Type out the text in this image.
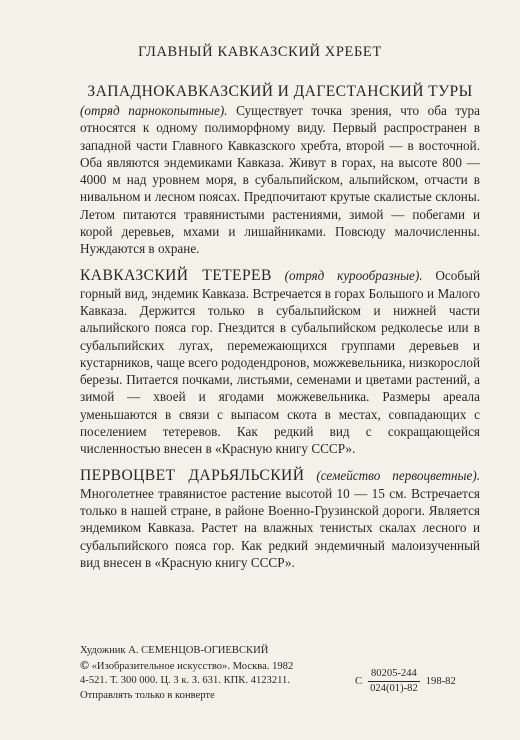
ГЛАВНЫЙ КАВКАЗСКИЙ ХРЕБЕТ
ЗАПАДНОКАВКАЗСКИЙ И ДАГЕСТАНСКИЙ ТУРЫ

(отряд парнокопытные). Существует точка зрения, что оба тура относятся к одному полиморфному виду. Первый распространен в западной части Главного Кавказского хребта, второй — в восточной. Оба являются эндемиками Кавказа. Живут в горах, на высоте 800 — 4000 м над уровнем моря, в субальпийском, альпийском, отчасти в нивальном и лесном поясах. Предпочитают крутые скалистые склоны. Летом питаются травянистыми растениями, зимой — побегами и корой деревьев, мхами и лишайниками. Повсюду малочисленны. Нуждаются в охране.

КАВКАЗСКИЙ ТЕТЕРЕВ (отряд курообразные). Особый горный вид, эндемик Кавказа. Встречается в горах Большого и Малого Кавказа. Держится только в субальпийском и нижней части альпийского пояса гор. Гнездится в субальпийском редколесье или в субальпийских лугах, перемежающихся группами деревьев и кустарников, чаще всего рододендронов, можжевельника, низкорослой березы. Питается почками, листьями, семенами и цветами растений, а зимой — хвоей и ягодами можжевельника. Размеры ареала уменьшаются в связи с выпасом скота в местах, совпадающих с поселением тетеревов. Как редкий вид с сокращающейся численностью внесен в «Красную книгу СССР».

ПЕРВОЦВЕТ ДАРЬЯЛЬСКИЙ (семейство первоцветные). Многолетнее травянистое растение высотой 10 — 15 см. Встречается только в нашей стране, в районе Военно-Грузинской дороги. Является эндемиком Кавказа. Растет на влажных тенистых скалах лесного и субальпийского пояса гор. Как редкий эндемичный малоизученный вид внесен в «Красную книгу СССР».

Художник А. СЕМЕНЦОВ-ОГИЕВСКИЙ
© «Изобразительное искусство». Москва. 1982
4-521. Т. 300 000. Ц. 3 к. З. 631. КПК. 4123211.
Отправлять только в конверте
С $\frac{80205-244}{024(01)-82} 198-82$
